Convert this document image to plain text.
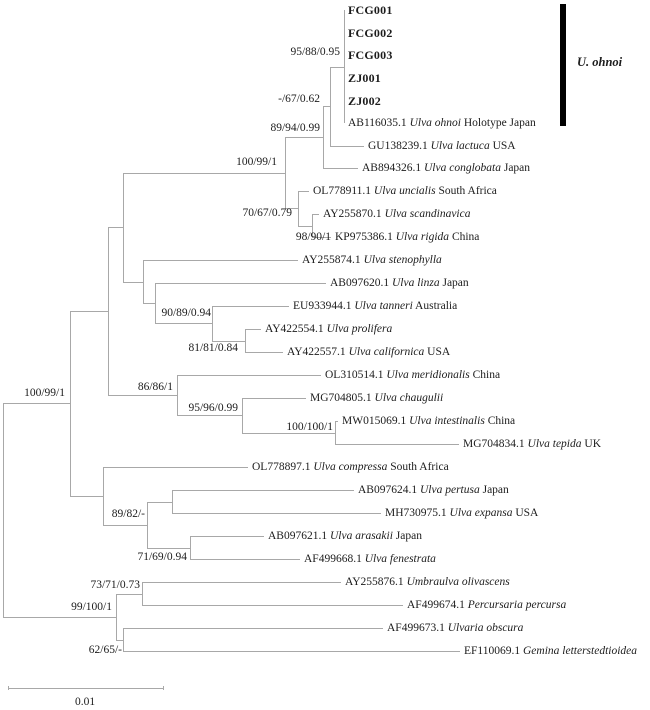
U. ohnoi
0.01
FCG001
FCG002
FCG003
ZJ001
ZJ002
AB116035.1 Ulva ohnoi Holotype Japan
GU138239.1 Ulva lactuca USA
AB894326.1 Ulva conglobata Japan
OL778911.1 Ulva uncialis South Africa
AY255870.1 Ulva scandinavica
KP975386.1 Ulva rigida China
AY255874.1 Ulva stenophylla
AB097620.1 Ulva linza Japan
EU933944.1 Ulva tanneri Australia
AY422554.1 Ulva prolifera
AY422557.1 Ulva californica USA
OL310514.1 Ulva meridionalis China
MG704805.1 Ulva chaugulii
MW015069.1 Ulva intestinalis China
MG704834.1 Ulva tepida UK
OL778897.1 Ulva compressa South Africa
AB097624.1 Ulva pertusa Japan
MH730975.1 Ulva expansa USA
AB097621.1 Ulva arasakii Japan
AF499668.1 Ulva fenestrata
AY255876.1 Umbraulva olivascens
AF499674.1 Percursaria percursa
AF499673.1 Ulvaria obscura
EF110069.1 Gemina letterstedtioidea
95/88/0.95
-/67/0.62
89/94/0.99
100/99/1
70/67/0.79
98/90/1
90/89/0.94
81/81/0.84
86/86/1
95/96/0.99
100/100/1
100/99/1
89/82/-
71/69/0.94
73/71/0.73
99/100/1
62/65/-
